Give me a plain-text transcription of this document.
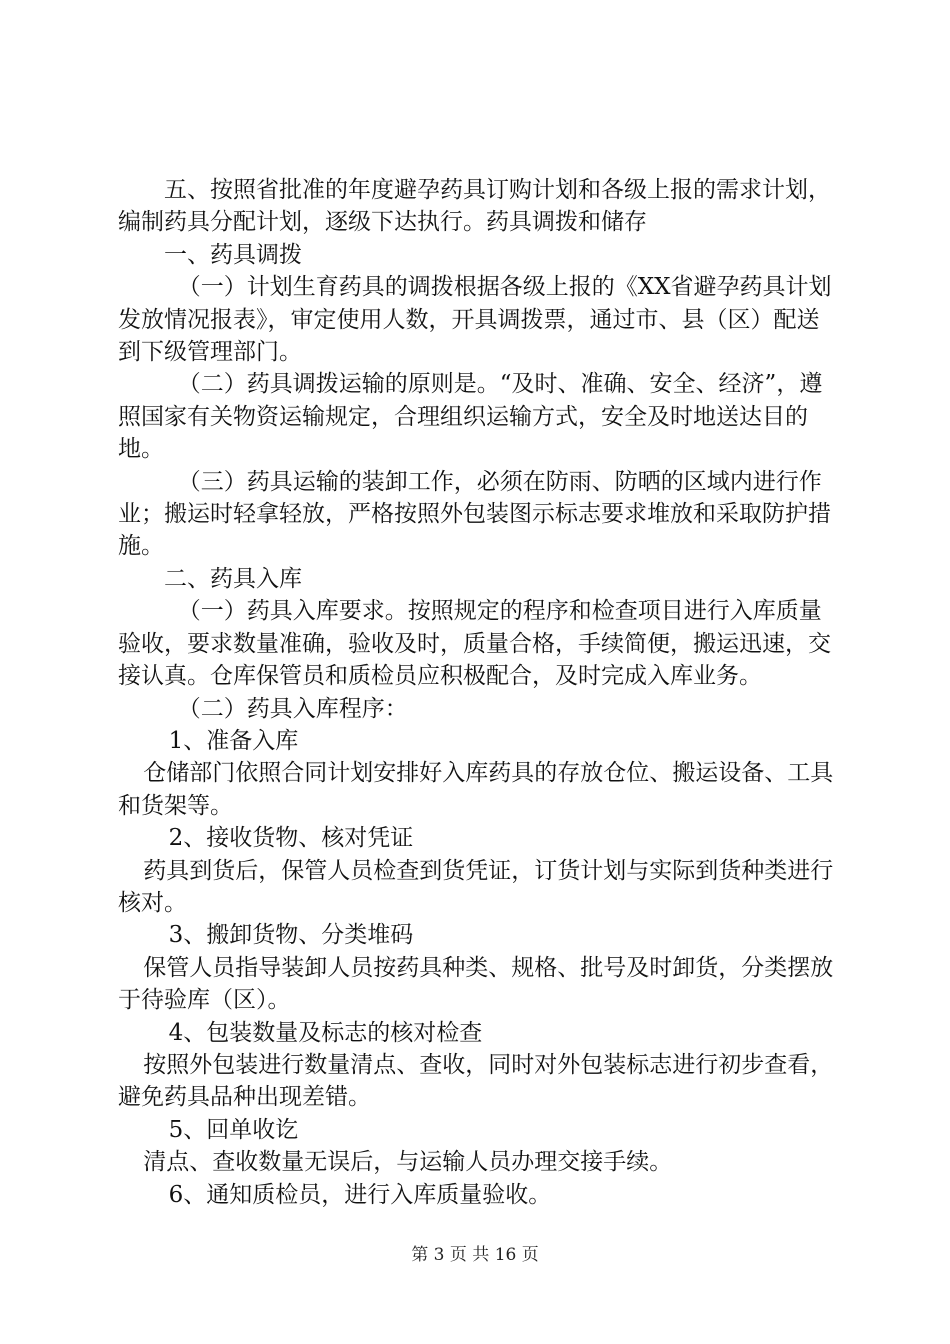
五、按照省批准的年度避孕药具订购计划和各级上报的需求计划，编制药具分配计划，逐级下达执行。药具调拨和储存

一、药具调拨

（一）计划生育药具的调拨根据各级上报的《XX省避孕药具计划发放情况报表》，审定使用人数，开具调拨票，通过市、县（区）配送到下级管理部门。

（二）药具调拨运输的原则是。“及时、准确、安全、经济”，遵照国家有关物资运输规定，合理组织运输方式，安全及时地送达目的地。

（三）药具运输的装卸工作，必须在防雨、防晒的区域内进行作业；搬运时轻拿轻放，严格按照外包装图示标志要求堆放和采取防护措施。

二、药具入库

（一）药具入库要求。按照规定的程序和检查项目进行入库质量验收，要求数量准确，验收及时，质量合格，手续简便，搬运迅速，交接认真。仓库保管员和质检员应积极配合，及时完成入库业务。

（二）药具入库程序：

1、准备入库

仓储部门依照合同计划安排好入库药具的存放仓位、搬运设备、工具和货架等。

2、接收货物、核对凭证

药具到货后，保管人员检查到货凭证，订货计划与实际到货种类进行核对。

3、搬卸货物、分类堆码

保管人员指导装卸人员按药具种类、规格、批号及时卸货，分类摆放于待验库（区）。

4、包装数量及标志的核对检查

按照外包装进行数量清点、查收，同时对外包装标志进行初步查看，避免药具品种出现差错。

5、回单收讫

清点、查收数量无误后，与运输人员办理交接手续。

6、通知质检员，进行入库质量验收。

第 3 页 共 16 页
